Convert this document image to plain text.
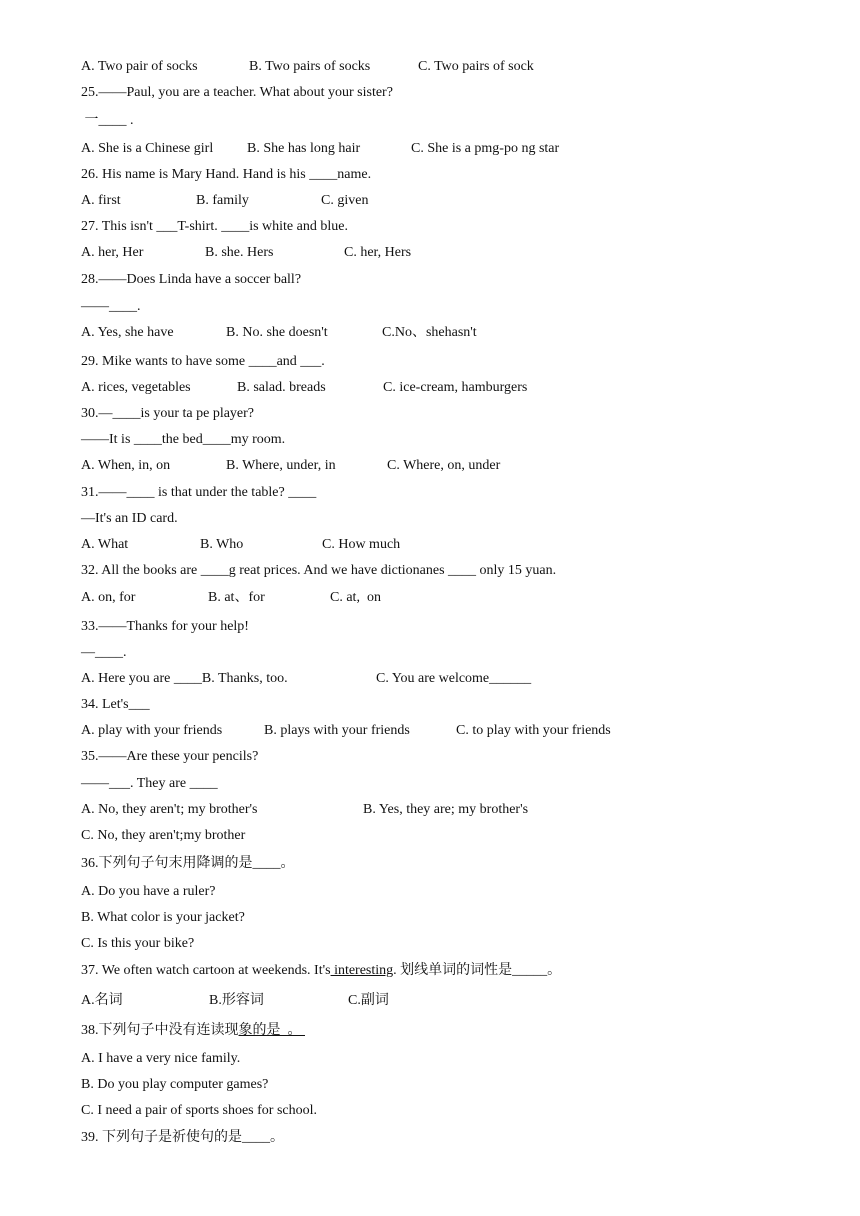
A. Two pair of socks	B. Two pairs of socks	C. Two pairs of sock
25.——Paul, you are a teacher. What about your sister?
一____ .
A. She is a Chinese girl B. She has long hair	C. She is a pmg-po ng star
26. His name is Mary Hand. Hand is his ____name.
A. first	B. family	C. given
27. This isn't ___T-shirt. ____is white and blue.
A. her, Her	B. she. Hers	C. her, Hers
28.——Does Linda have a soccer ball?
——____.
A. Yes, she have	B. No. she doesn't	C.No、shehasn't
29. Mike wants to have some ____and ___.
A. rices, vegetables	B. salad. breads	C. ice-cream, hamburgers
30.—____is your ta pe player?
——It is ____the bed____my room.
A. When, in, on	B. Where, under, in	C. Where, on, under
31.——____ is that under the table? ____
—It's an ID card.
A. What	B. Who	C. How much
32. All the books are ____g reat prices. And we have dictionanes ____ only 15 yuan.
A. on, for	B. at、for	C. at,  on
33.——Thanks for your help!
—____.
A. Here you are ____B. Thanks, too.	C. You are welcome______
34. Let's___
A. play with your friends	B. plays with your friends	C. to play with your friends
35.——Are these your pencils?
——___. They are ____
A. No, they aren't; my brother's	B. Yes, they are; my brother's
C. No, they aren't;my brother
36.下列句子句末用降调的是____。
A. Do you have a ruler?
B. What color is your jacket?
C. Is this your bike?
37. We often watch cartoon at weekends. It's interesting. 划线单词的词性是_____。
A.名词	B.形容词	C.副词
38.下列句子中没有连读现象的是  。
A. I have a very nice family.
B. Do you play computer games?
C. I need a pair of sports shoes for school.
39. 下列句子是祈使句的是____。
